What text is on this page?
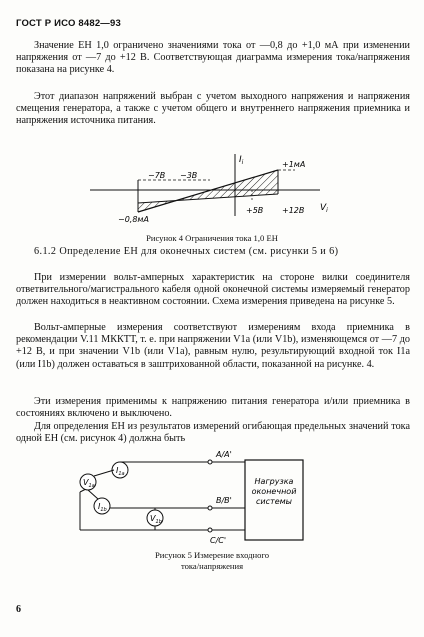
ГОСТ Р ИСО 8482—93

Значение EH 1,0 ограничено значениями тока от —0,8 до +1,0 мА при изменении напряжения от —7 до +12 В. Соответствующая диаграмма измерения тока/напряжения показана на рисунке 4.

Этот диапазон напряжений выбран с учетом выходного напряжения и напряжения смещения генератора, а также с учетом общего и внутреннего напряжения приемника и напряжения источника питания.

$I_i$	+1мА
−7В −3В
+5В +12В $V_i$
−0,8мА
Рисунок 4 Ограничения тока 1,0 EH

6.1.2 Определение EH для оконечных систем (см. рисунки 5 и 6)

При измерении вольт-амперных характеристик на стороне вилки соединителя ответвительного/магистрального кабеля одной оконечной системы измеряемый генератор должен находиться в неактивном состоянии. Схема измерения приведена на рисунке 5.

Вольт-амперные измерения соответствуют измерениям входа приемника в рекомендации V.11 МККТТ, т. е. при напряжении V1a (или V1b), изменяющемся от —7 до +12 В, и при значении V1b (или V1a), равным нулю, результирующий входной ток I1a (или I1b) должен оставаться в заштрихованной области, показанной на рисунке. 4.

Эти измерения применимы к напряжению питания генератора и/или приемника в состояниях включено и выключено.

Для определения EH из результатов измерений огибающая предельных значений тока одной EH (см. рисунок 4) должна быть

Нагрузка
оконечной
системы
A/A'
B/B'
C/C'
$I_{1a}$
$V_{1a}$
$I_{1b}$
$V_{1b}$
Рисунок 5 Измерение входного
тока/напряжения
6
